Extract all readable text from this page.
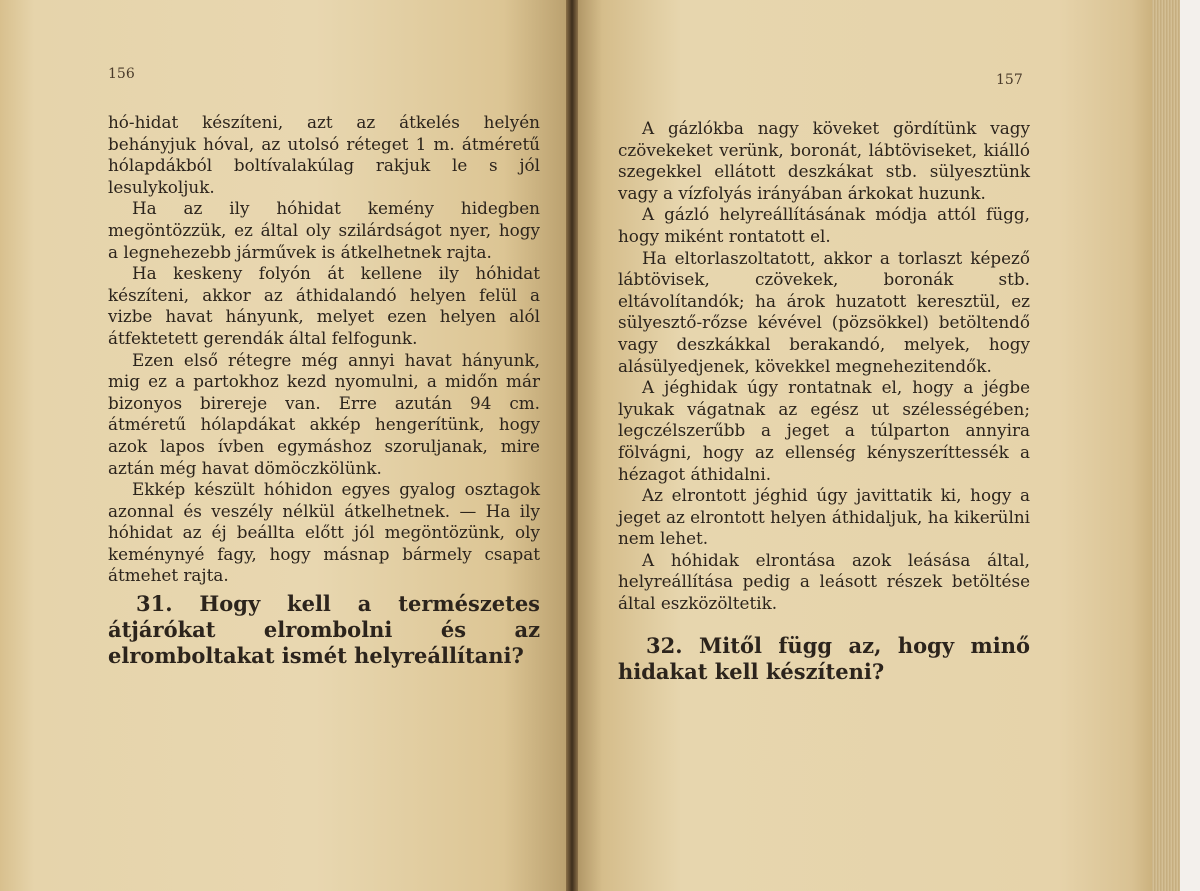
156

hó-hidat készíteni, azt az átkelés helyén behányjuk hóval, az utolsó réteget 1 m. átméretű hólapdákból boltívalakúlag rakjuk le s jól lesulykoljuk.

Ha az ily hóhidat kemény hidegben megöntözzük, ez által oly szilárdságot nyer, hogy a legnehezebb járművek is átkelhetnek rajta.

Ha keskeny folyón át kellene ily hóhidat készíteni, akkor az áthidalandó helyen felül a vizbe havat hányunk, melyet ezen helyen alól átfektetett gerendák által felfogunk.

Ezen első rétegre még annyi havat hányunk, mig ez a partokhoz kezd nyomulni, a midőn már bizonyos birereje van. Erre azután 94 cm. átméretű hólapdákat akkép hengerítünk, hogy azok lapos ívben egymáshoz szoruljanak, mire aztán még havat dömöczkölünk.

Ekkép készült hóhidon egyes gyalog osztagok azonnal és veszély nélkül átkelhetnek. — Ha ily hóhidat az éj beállta előtt jól megöntözünk, oly keménynyé fagy, hogy másnap bármely csapat átmehet rajta.

31. Hogy kell a természetes átjárókat elrombolni és az elromboltakat ismét helyreállítani?

157

A gázlókba nagy köveket gördítünk vagy czövekeket verünk, boronát, lábtöviseket, kiálló szegekkel ellátott deszkákat stb. sülyesztünk vagy a vízfolyás irányában árkokat huzunk.

A gázló helyreállításának módja attól függ, hogy miként rontatott el.

Ha eltorlaszoltatott, akkor a torlaszt képező lábtövisek, czövekek, boronák stb. eltávolítandók; ha árok huzatott keresztül, ez sülyesztő-rőzse kévével (pözsökkel) betöltendő vagy deszkákkal berakandó, melyek, hogy alásülyedjenek, kövekkel megnehezitendők.

A jéghidak úgy rontatnak el, hogy a jégbe lyukak vágatnak az egész ut szélességében; legczélszerűbb a jeget a túlparton annyira fölvágni, hogy az ellenség kényszeríttessék a hézagot áthidalni.

Az elrontott jéghid úgy javittatik ki, hogy a jeget az elrontott helyen áthidaljuk, ha kikerülni nem lehet.

A hóhidak elrontása azok leásása által, helyreállítása pedig a leásott részek betöltése által eszközöltetik.

32. Mitől függ az, hogy minő hidakat kell készíteni?
